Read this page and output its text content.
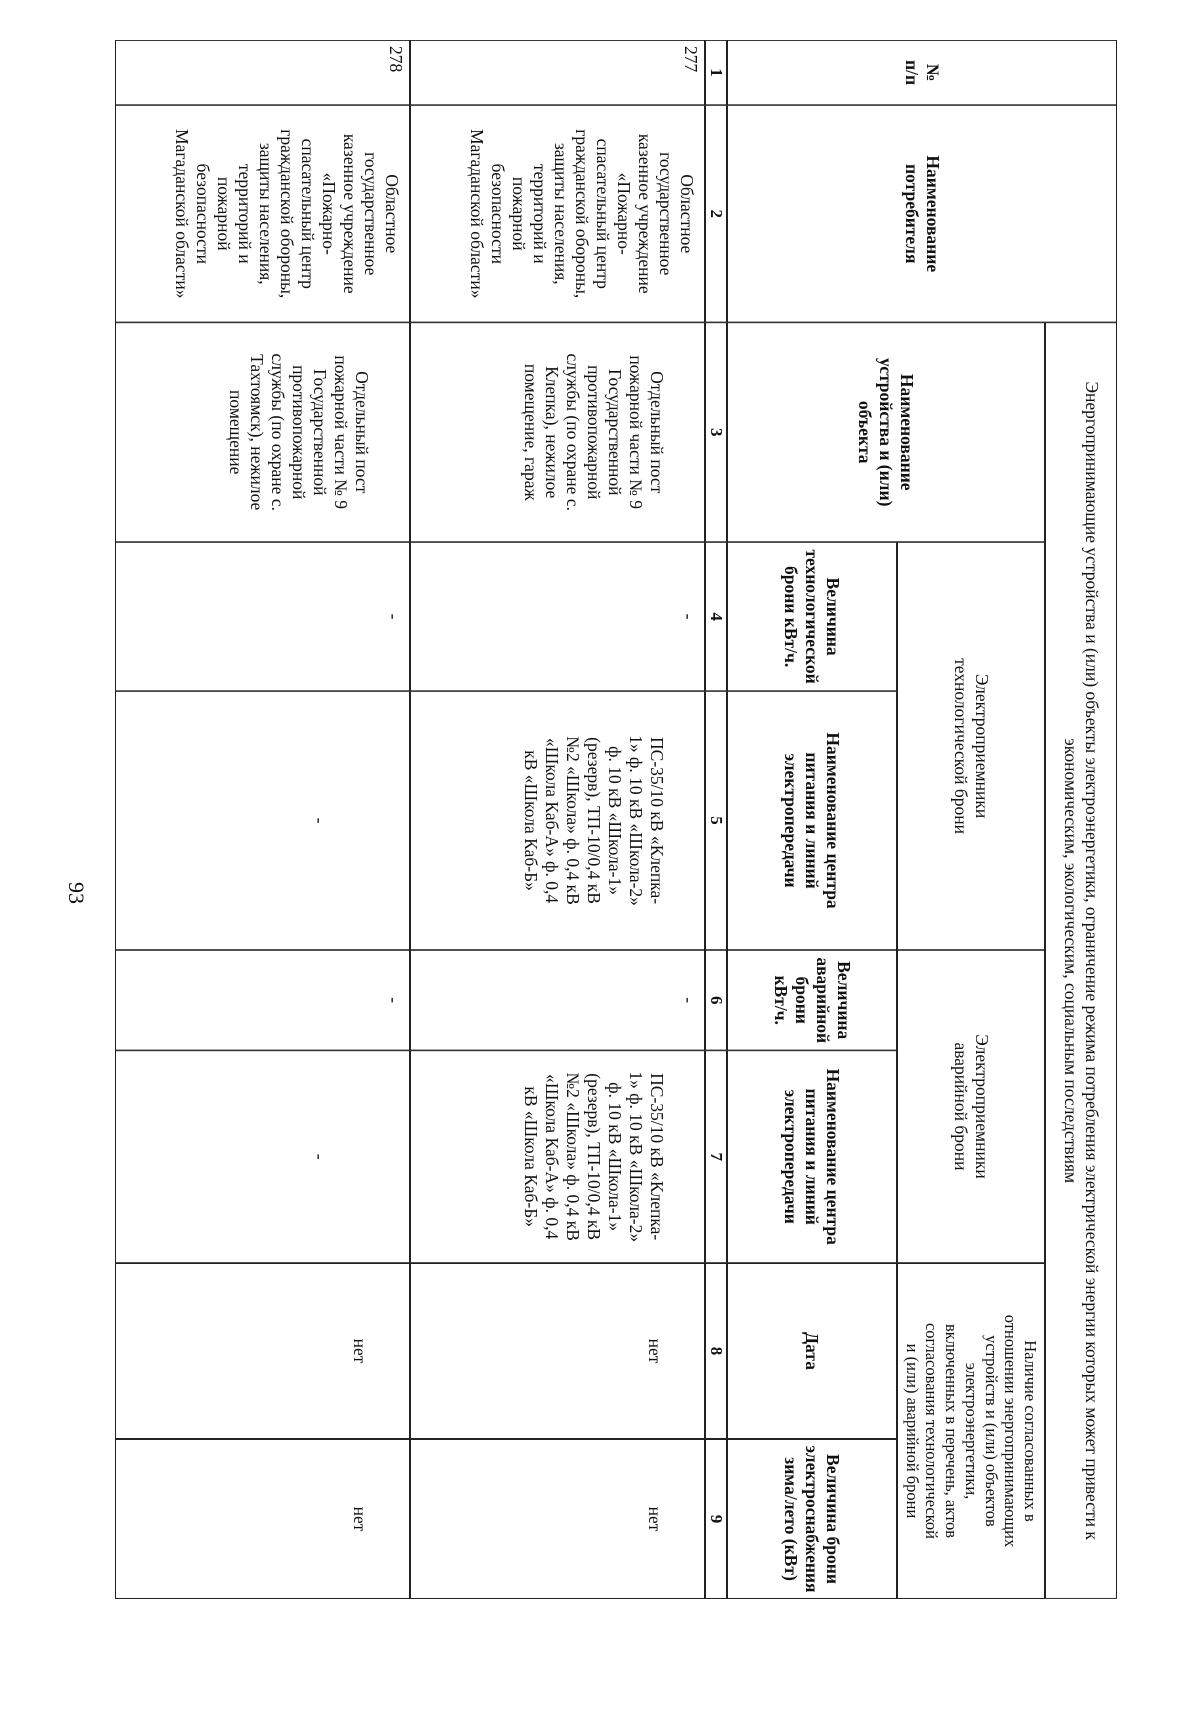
93
№
п/п
Наименование
потребителя
Энергопринимающие устройства и (или) объекты электроэнергетики, ограничение режима потребления электрической энергии которых может привести к экономическим, экологическим, социальным последствиям
Наименование
устройства и (или)
объекта
Электроприемники
технологической брони
Величина
технологической
брони кВт/ч.
Наименование центра
питания и линий
электропередачи
Электроприемники
аварийной брони
Величина
аварийной
брони
кВт/ч.
Наименование центра
питания и линий
электропередачи
1
2
3
4
5
6
7
277
Областное
государственное
казенное учреждение
«Пожарно-
спасательный центр
гражданской обороны,
защиты населения,
территорий и
пожарной
безопасности
Магаданской области»
Отдельный пост
пожарной части № 9
Государственной
противопожарной
службы (по охране с.
Клепка), нежилое
помещение, гараж
-
ПС-35/10 кВ «Клепка-
1» ф. 10 кВ «Школа-2»
ф. 10 кВ «Школа-1»
(резерв), ТП-10/0,4 кВ
№2 «Школа» ф. 0,4 кВ
«Школа Каб-А» ф. 0,4
кВ «Школа Каб-Б»
-
ПС-35/10 кВ «Клепка-
1» ф. 10 кВ «Школа-2»
ф. 10 кВ «Школа-1»
(резерв), ТП-10/0,4 кВ
№2 «Школа» ф. 0,4 кВ
«Школа Каб-А» ф. 0,4
кВ «Школа Каб-Б»
278
Областное
государственное
казенное учреждение
«Пожарно-
спасательный центр
гражданской обороны,
защиты населения,
территорий и
пожарной
безопасности
Магаданской области»
Отдельный пост
пожарной части № 9
Государственной
противопожарной
службы (по охране с.
Тахтоямск), нежилое
помещение
-
-
-
-
Наличие согласованных в
отношении энергопринимающих
устройств и (или) объектов
электроэнергетики,
включенных в перечень, актов
согласования технологической
и (или) аварийной брони
Дата
Величина брони
электроснабжения
зима/лето (кВт)
8
9
нет
нет
нет
нет
